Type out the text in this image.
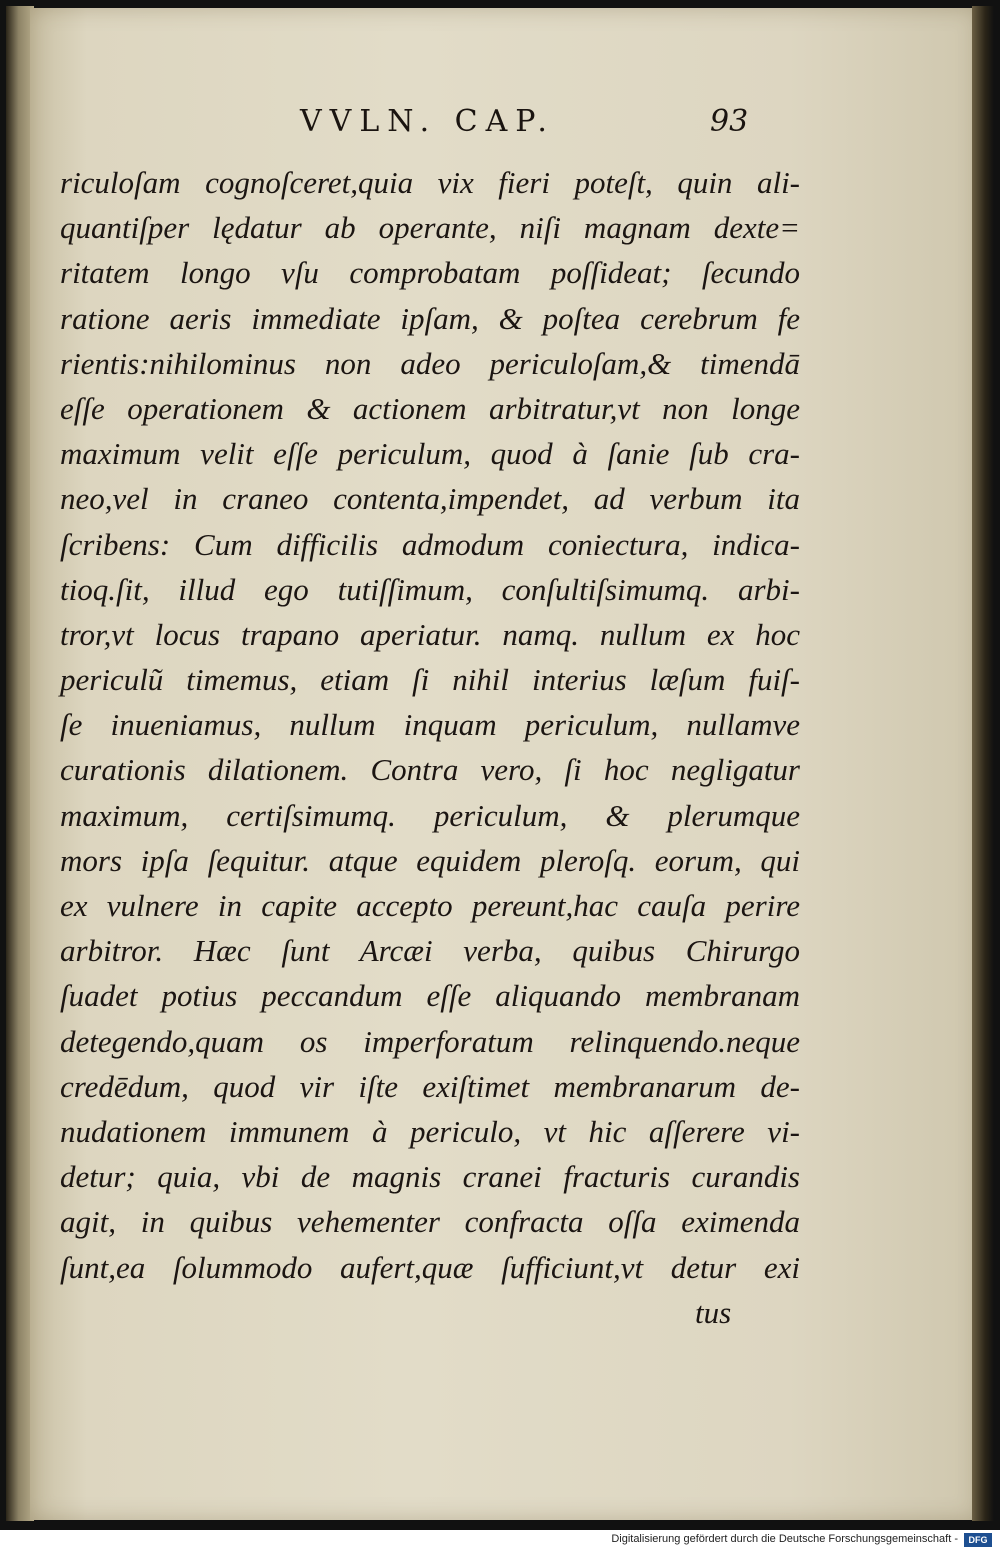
VVLN. CAP.	93
riculoſam cognoſceret,quia vix fieri poteſt, quin ali-
quantiſper lędatur ab operante, niſi magnam dexte=
ritatem longo vſu comprobatam poſſideat; ſecundo
ratione aeris immediate ipſam, & poſtea cerebrum fe
rientis:nihilominus non adeo periculoſam,& timendā
eſſe operationem & actionem arbitratur,vt non longe
maximum velit eſſe periculum, quod à ſanie ſub cra-
neo,vel in craneo contenta,impendet, ad verbum ita
ſcribens: Cum difficilis admodum coniectura, indica-
tioq.ſit, illud ego tutiſſimum, conſultiſsimumq. arbi-
tror,vt locus trapano aperiatur. namq. nullum ex hoc
periculũ timemus, etiam ſi nihil interius læſum fuiſ-
ſe inueniamus, nullum inquam periculum, nullamve
curationis dilationem. Contra vero, ſi hoc negligatur
maximum, certiſsimumq. periculum, & plerumque
mors ipſa ſequitur. atque equidem pleroſq. eorum, qui
ex vulnere in capite accepto pereunt,hac cauſa perire
arbitror. Hæc ſunt Arcæi verba, quibus Chirurgo
ſuadet potius peccandum eſſe aliquando membranam
detegendo,quam os imperforatum relinquendo.neque
credēdum, quod vir iſte exiſtimet membranarum de-
nudationem immunem à periculo, vt hic aſſerere vi-
detur; quia, vbi de magnis cranei fracturis curandis
agit, in quibus vehementer confracta oſſa eximenda
ſunt,ea ſolummodo aufert,quæ ſufficiunt,vt detur exi
tus
Digitalisierung gefördert durch die Deutsche Forschungsgemeinschaft -	DFG
